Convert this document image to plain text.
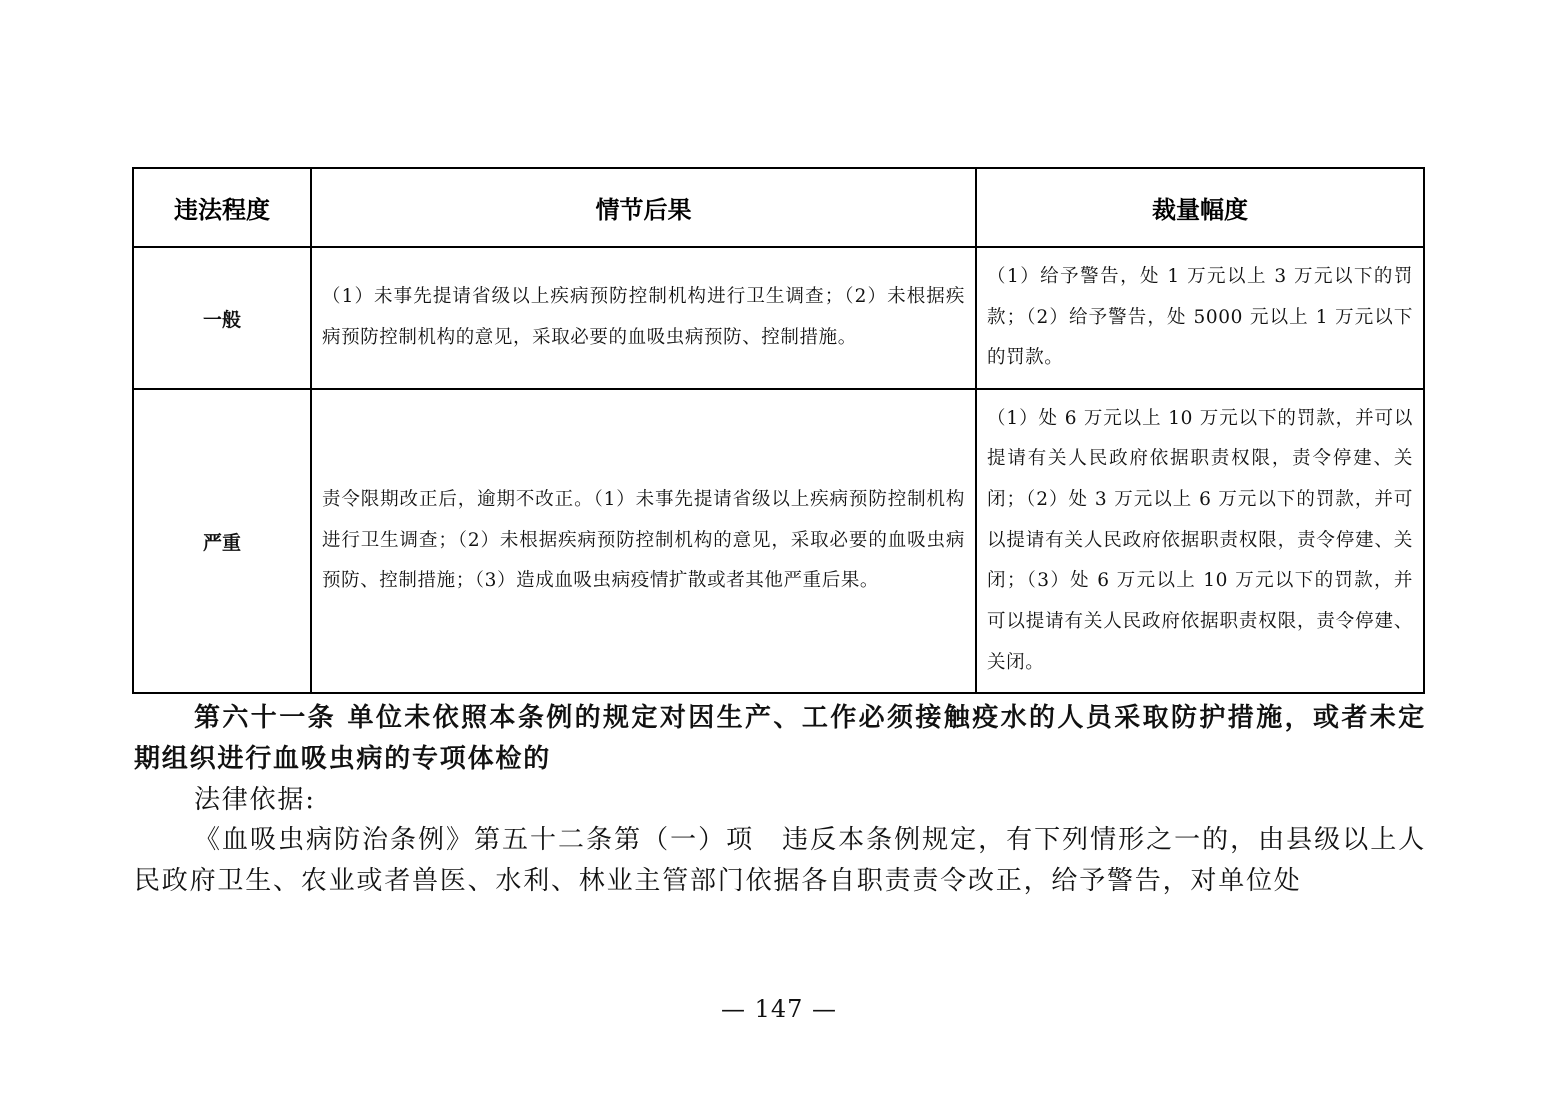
违法程度	情节后果	裁量幅度
一般	（1）未事先提请省级以上疾病预防控制机构进行卫生调查；（2）未根据疾病预防控制机构的意见，采取必要的血吸虫病预防、控制措施。	（1）给予警告，处 1 万元以上 3 万元以下的罚款；（2）给予警告，处 5000 元以上 1 万元以下的罚款。
严重	责令限期改正后，逾期不改正。（1）未事先提请省级以上疾病预防控制机构进行卫生调查；（2）未根据疾病预防控制机构的意见，采取必要的血吸虫病预防、控制措施；（3）造成血吸虫病疫情扩散或者其他严重后果。	（1）处 6 万元以上 10 万元以下的罚款，并可以提请有关人民政府依据职责权限，责令停建、关闭；（2）处 3 万元以上 6 万元以下的罚款，并可以提请有关人民政府依据职责权限，责令停建、关闭；（3）处 6 万元以上 10 万元以下的罚款，并可以提请有关人民政府依据职责权限，责令停建、关闭。
第六十一条 单位未依照本条例的规定对因生产、工作必须接触疫水的人员采取防护措施，或者未定期组织进行血吸虫病的专项体检的
法律依据:
《血吸虫病防治条例》第五十二条第（一）项　违反本条例规定，有下列情形之一的，由县级以上人民政府卫生、农业或者兽医、水利、林业主管部门依据各自职责责令改正，给予警告，对单位处
— 147 —
